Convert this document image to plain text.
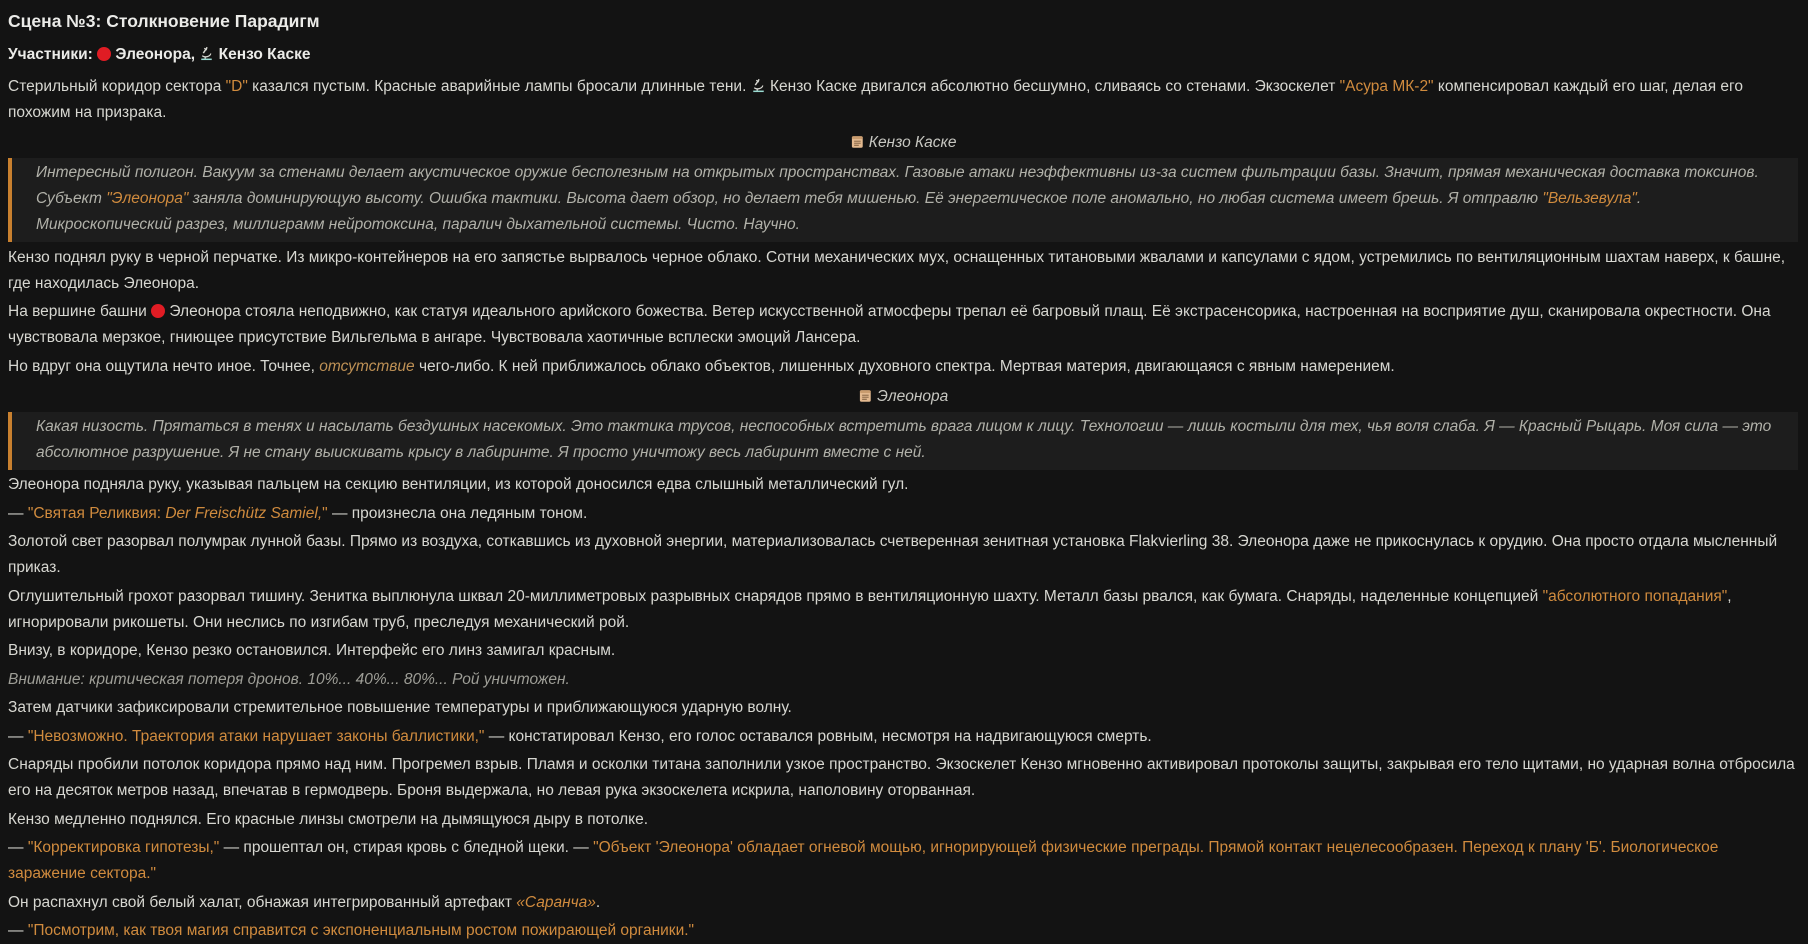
Сцена №3: Столкновение Парадигм
Участники:  Элеонора,  Кензо Каске
Стерильный коридор сектора "D" казался пустым. Красные аварийные лампы бросали длинные тени.  Кензо Каске двигался абсолютно бесшумно, сливаясь со стенами. Экзоскелет "Асура МК-2" компенсировал каждый его шаг, делая его похожим на призрака.
Кензо Каске
Интересный полигон. Вакуум за стенами делает акустическое оружие бесполезным на открытых пространствах. Газовые атаки неэффективны из-за систем фильтрации базы. Значит, прямая механическая доставка токсинов. Субъект "Элеонора" заняла доминирующую высоту. Ошибка тактики. Высота дает обзор, но делает тебя мишенью. Её энергетическое поле аномально, но любая система имеет брешь. Я отправлю "Вельзевула". Микроскопический разрез, миллиграмм нейротоксина, паралич дыхательной системы. Чисто. Научно.
Кензо поднял руку в черной перчатке. Из микро-контейнеров на его запястье вырвалось черное облако. Сотни механических мух, оснащенных титановыми жвалами и капсулами с ядом, устремились по вентиляционным шахтам наверх, к башне, где находилась Элеонора.
На вершине башни  Элеонора стояла неподвижно, как статуя идеального арийского божества. Ветер искусственной атмосферы трепал её багровый плащ. Её экстрасенсорика, настроенная на восприятие душ, сканировала окрестности. Она чувствовала мерзкое, гниющее присутствие Вильгельма в ангаре. Чувствовала хаотичные всплески эмоций Лансера.
Но вдруг она ощутила нечто иное. Точнее, отсутствие чего-либо. К ней приближалось облако объектов, лишенных духовного спектра. Мертвая материя, двигающаяся с явным намерением.
Элеонора
Какая низость. Прятаться в тенях и насылать бездушных насекомых. Это тактика трусов, неспособных встретить врага лицом к лицу. Технологии — лишь костыли для тех, чья воля слаба. Я — Красный Рыцарь. Моя сила — это абсолютное разрушение. Я не стану выискивать крысу в лабиринте. Я просто уничтожу весь лабиринт вместе с ней.
Элеонора подняла руку, указывая пальцем на секцию вентиляции, из которой доносился едва слышный металлический гул.
— "Святая Реликвия: Der Freischütz Samiel," — произнесла она ледяным тоном.
Золотой свет разорвал полумрак лунной базы. Прямо из воздуха, соткавшись из духовной энергии, материализовалась счетверенная зенитная установка Flakvierling 38. Элеонора даже не прикоснулась к орудию. Она просто отдала мысленный приказ.
Оглушительный грохот разорвал тишину. Зенитка выплюнула шквал 20-миллиметровых разрывных снарядов прямо в вентиляционную шахту. Металл базы рвался, как бумага. Снаряды, наделенные концепцией "абсолютного попадания", игнорировали рикошеты. Они неслись по изгибам труб, преследуя механический рой.
Внизу, в коридоре, Кензо резко остановился. Интерфейс его линз замигал красным.
Внимание: критическая потеря дронов. 10%... 40%... 80%... Рой уничтожен.
Затем датчики зафиксировали стремительное повышение температуры и приближающуюся ударную волну.
— "Невозможно. Траектория атаки нарушает законы баллистики," — констатировал Кензо, его голос оставался ровным, несмотря на надвигающуюся смерть.
Снаряды пробили потолок коридора прямо над ним. Прогремел взрыв. Пламя и осколки титана заполнили узкое пространство. Экзоскелет Кензо мгновенно активировал протоколы защиты, закрывая его тело щитами, но ударная волна отбросила его на десяток метров назад, впечатав в гермодверь. Броня выдержала, но левая рука экзоскелета искрила, наполовину оторванная.
Кензо медленно поднялся. Его красные линзы смотрели на дымящуюся дыру в потолке.
— "Корректировка гипотезы," — прошептал он, стирая кровь с бледной щеки. — "Объект 'Элеонора' обладает огневой мощью, игнорирующей физические преграды. Прямой контакт нецелесообразен. Переход к плану 'Б'. Биологическое заражение сектора."
Он распахнул свой белый халат, обнажая интегрированный артефакт «Саранча».
— "Посмотрим, как твоя магия справится с экспоненциальным ростом пожирающей органики."
